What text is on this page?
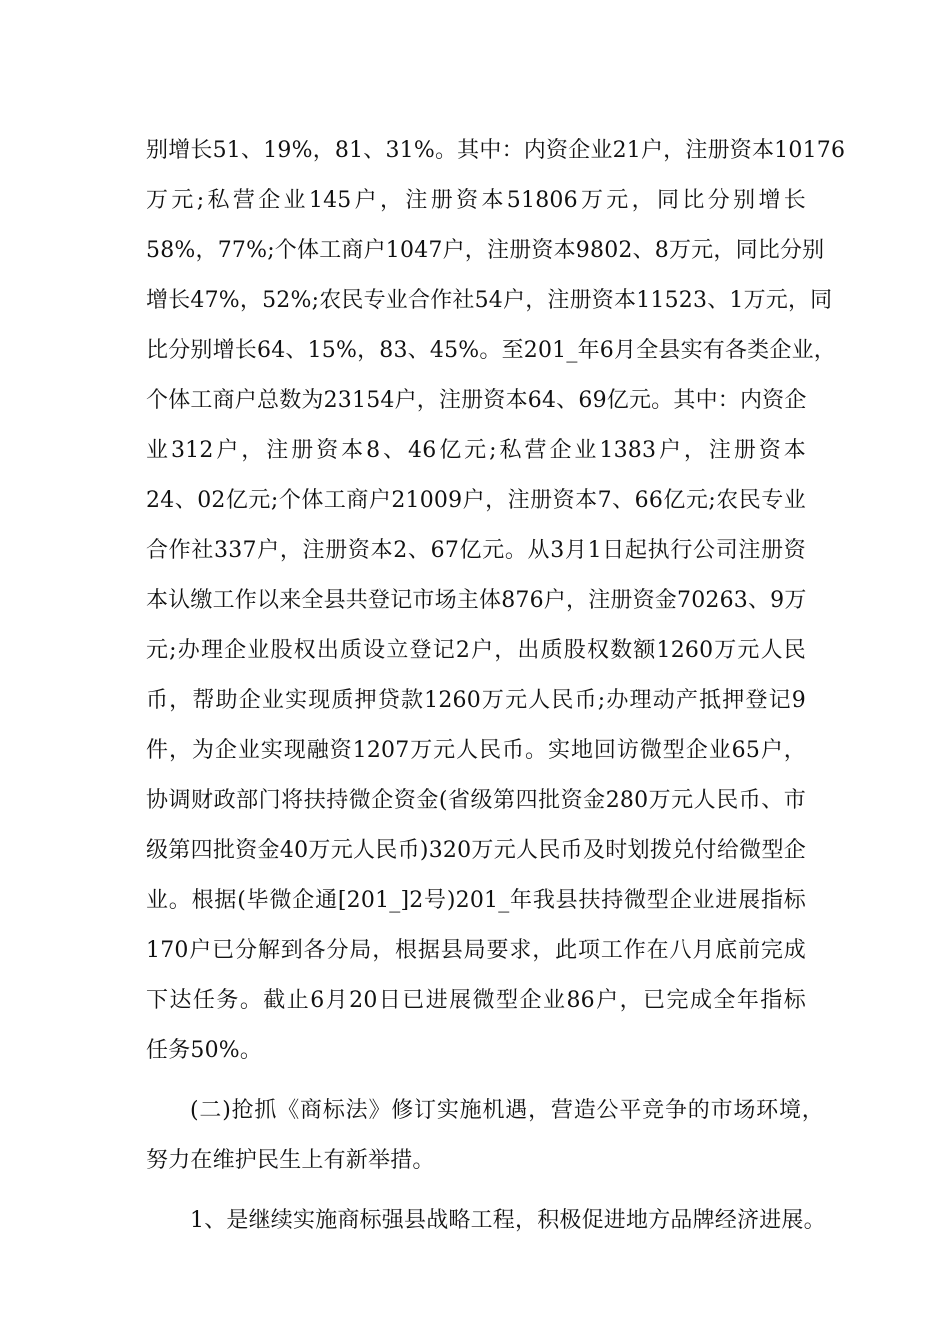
别增长51、19%，81、31%。其中：内资企业21户，注册资本10176
万元;私营企业145户，注册资本51806万元，同比分别增长
58%，77%;个体工商户1047户，注册资本9802、8万元，同比分别
增长47%，52%;农民专业合作社54户，注册资本11523、1万元，同
比分别增长64、15%，83、45%。至201_年6月全县实有各类企业，
个体工商户总数为23154户，注册资本64、69亿元。其中：内资企
业312户，注册资本8、46亿元;私营企业1383户，注册资本
24、02亿元;个体工商户21009户，注册资本7、66亿元;农民专业
合作社337户，注册资本2、67亿元。从3月1日起执行公司注册资
本认缴工作以来全县共登记市场主体876户，注册资金70263、9万
元;办理企业股权出质设立登记2户，出质股权数额1260万元人民
币，帮助企业实现质押贷款1260万元人民币;办理动产抵押登记9
件，为企业实现融资1207万元人民币。实地回访微型企业65户，
协调财政部门将扶持微企资金(省级第四批资金280万元人民币、市
级第四批资金40万元人民币)320万元人民币及时划拨兑付给微型企
业。根据(毕微企通[201_]2号)201_年我县扶持微型企业进展指标
170户已分解到各分局，根据县局要求，此项工作在八月底前完成
下达任务。截止6月20日已进展微型企业86户，已完成全年指标
任务50%。
(二)抢抓《商标法》修订实施机遇，营造公平竞争的市场环境，
努力在维护民生上有新举措。
1、是继续实施商标强县战略工程，积极促进地方品牌经济进展。
